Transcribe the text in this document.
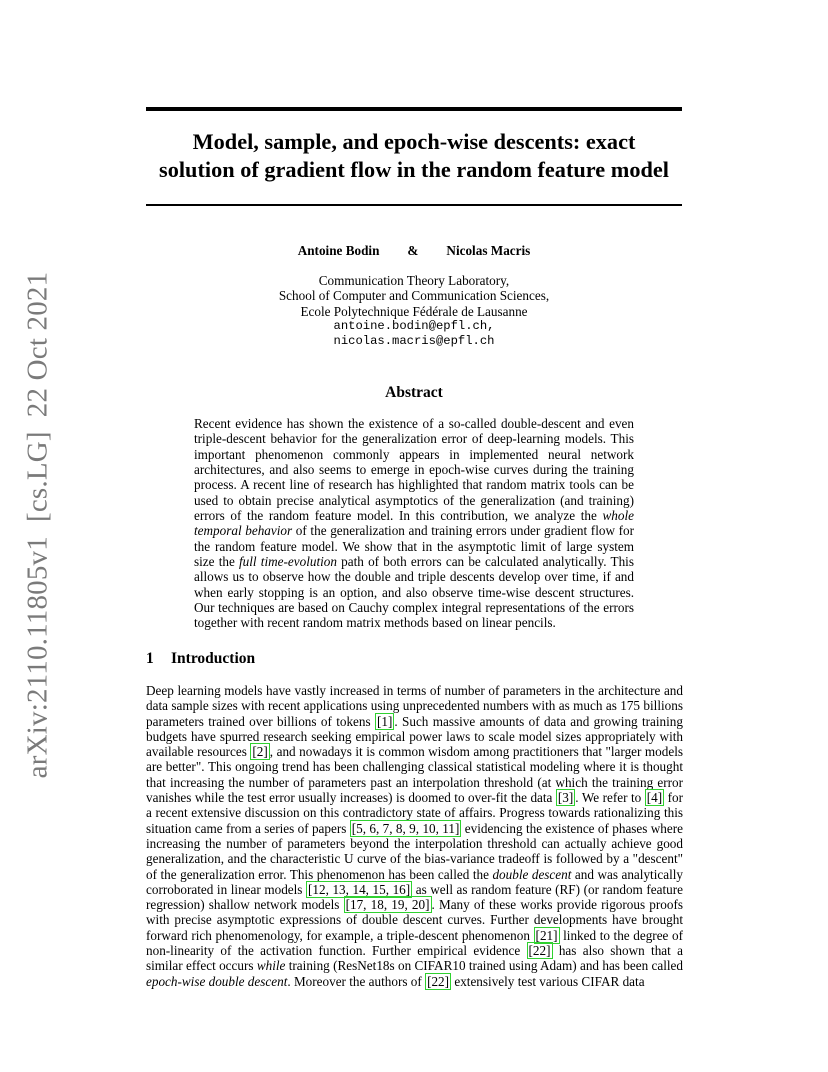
arXiv:2110.11805v1[cs.LG]22 Oct 2021
Model, sample, and epoch-wise descents: exact
solution of gradient flow in the random feature model
Antoine Bodin & Nicolas Macris
Communication Theory Laboratory,
School of Computer and Communication Sciences,
Ecole Polytechnique Fédérale de Lausanne
antoine.bodin@epfl.ch,
nicolas.macris@epfl.ch
Abstract

Recent evidence has shown the existence of a so-called double-descent and even triple-descent behavior for the generalization error of deep-learning models. This important phenomenon commonly appears in implemented neural network architectures, and also seems to emerge in epoch-wise curves during the training process. A recent line of research has highlighted that random matrix tools can be used to obtain precise analytical asymptotics of the generalization (and training) errors of the random feature model. In this contribution, we analyze the whole temporal behavior of the generalization and training errors under gradient flow for the random feature model. We show that in the asymptotic limit of large system size the full time-evolution path of both errors can be calculated analytically. This allows us to observe how the double and triple descents develop over time, if and when early stopping is an option, and also observe time-wise descent structures. Our techniques are based on Cauchy complex integral representations of the errors together with recent random matrix methods based on linear pencils.

1 Introduction

Deep learning models have vastly increased in terms of number of parameters in the architecture and data sample sizes with recent applications using unprecedented numbers with as much as 175 billions parameters trained over billions of tokens [1] . Such massive amounts of data and growing training budgets have spurred research seeking empirical power laws to scale model sizes appropriately with available resources [2] , and nowadays it is common wisdom among practitioners that "larger models are better". This ongoing trend has been challenging classical statistical modeling where it is thought that increasing the number of parameters past an interpolation threshold (at which the training error vanishes while the test error usually increases) is doomed to over-fit the data [3] . We refer to [4] for a recent extensive discussion on this contradictory state of affairs. Progress towards rationalizing this situation came from a series of papers [5, 6, 7, 8, 9, 10, 11] evidencing the existence of phases where increasing the number of parameters beyond the interpolation threshold can actually achieve good generalization, and the characteristic U curve of the bias-variance tradeoff is followed by a "descent" of the generalization error. This phenomenon has been called the double descent and was analytically corroborated in linear models [12, 13, 14, 15, 16] as well as random feature (RF) (or random feature regression) shallow network models [17, 18, 19, 20] . Many of these works provide rigorous proofs with precise asymptotic expressions of double descent curves. Further developments have brought forward rich phenomenology, for example, a triple-descent phenomenon [21] linked to the degree of non-linearity of the activation function. Further empirical evidence [22] has also shown that a similar effect occurs while training (ResNet18s on CIFAR10 trained using Adam) and has been called epoch-wise double descent. Moreover the authors of [22] extensively test various CIFAR data
